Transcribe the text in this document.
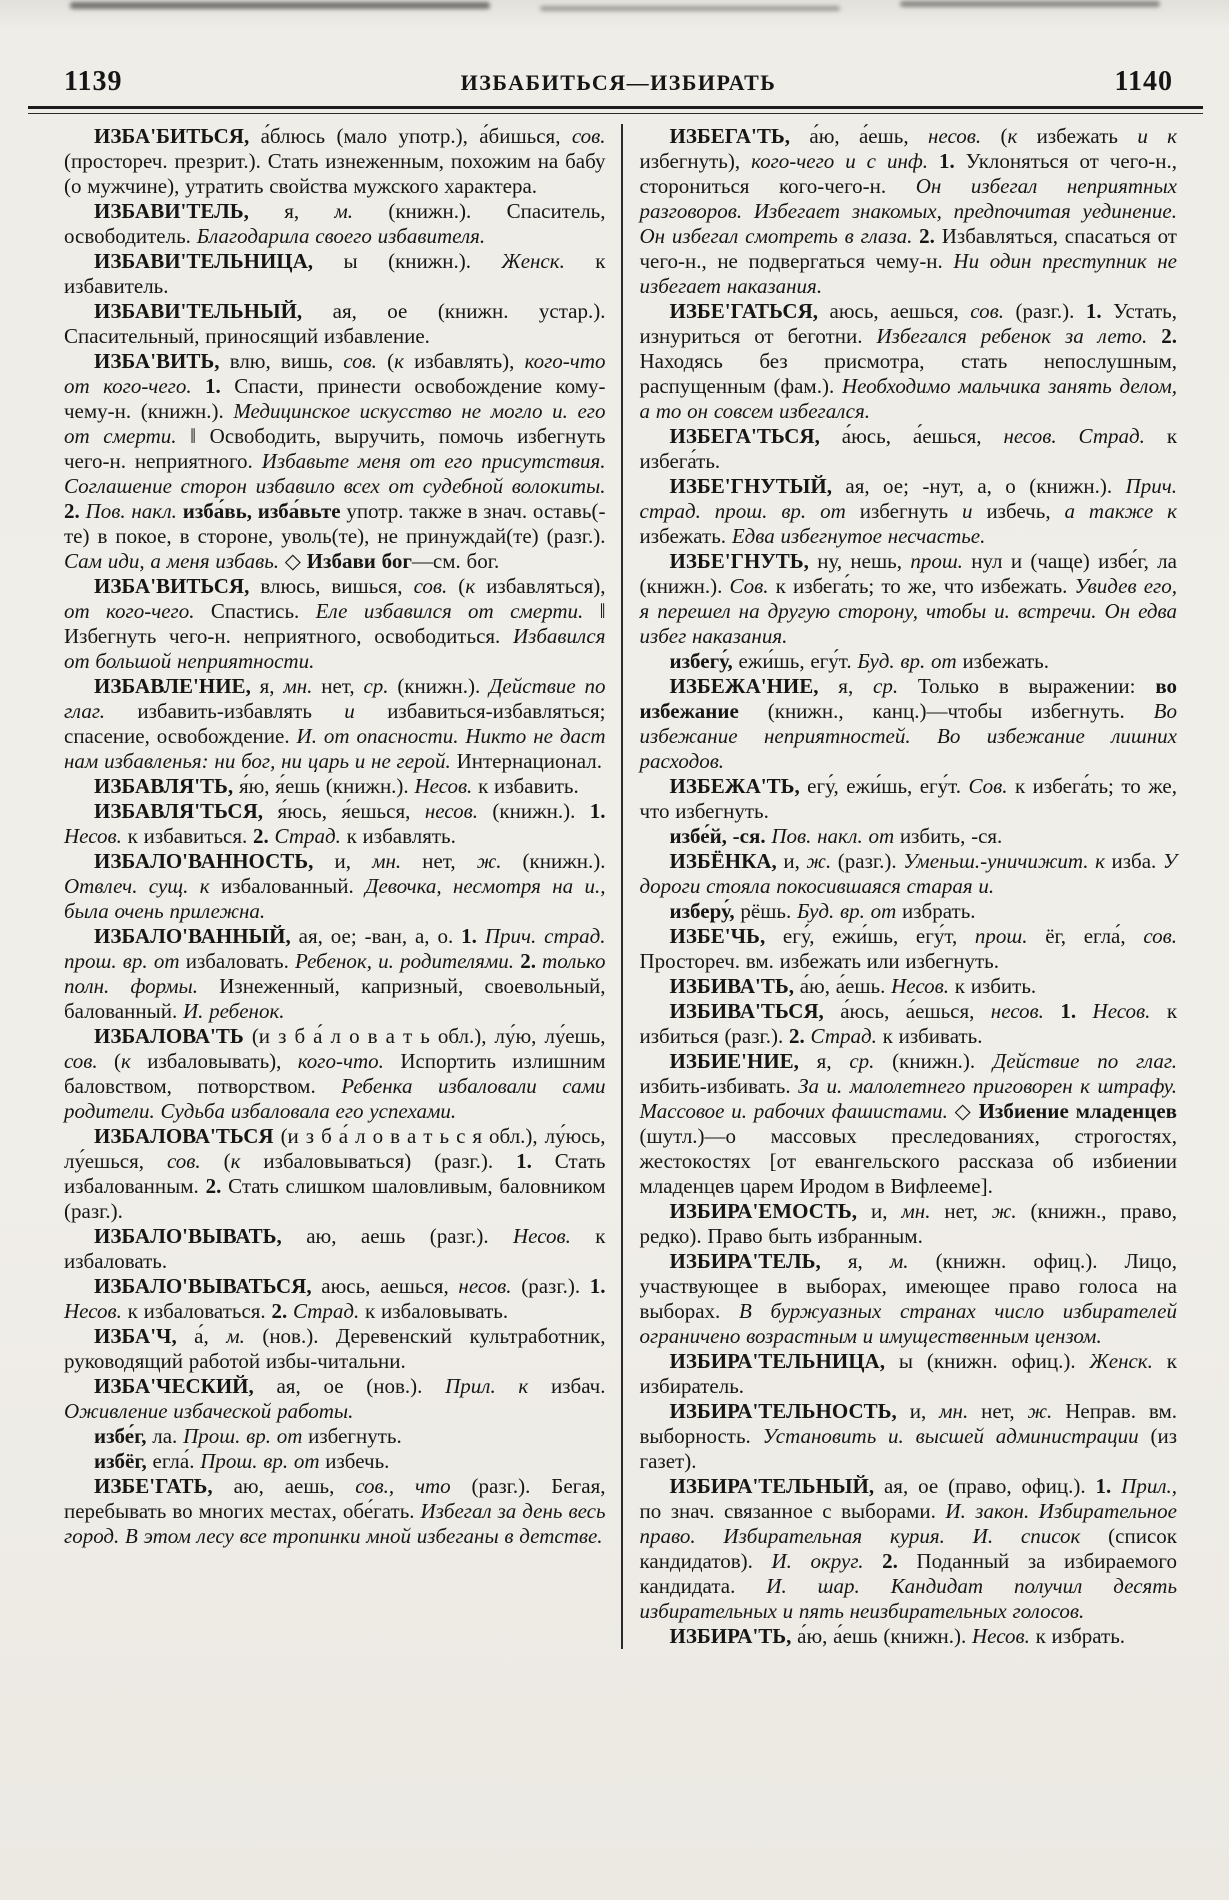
1139	ИЗБАБИТЬСЯ—ИЗБИРАТЬ	1140

ИЗБА'БИТЬСЯ, а́блюсь (мало употр.), а́бишься, сов. (простореч. презрит.). Стать изнеженным, похожим на бабу (о мужчине), утратить свойства мужского характера.

ИЗБАВИ'ТЕЛЬ, я, м. (книжн.). Спаситель, освободитель. Благодарила своего избавителя.

ИЗБАВИ'ТЕЛЬНИЦА, ы (книжн.). Женск. к избавитель.

ИЗБАВИ'ТЕЛЬНЫЙ, ая, ое (книжн. устар.). Спасительный, приносящий избавление.

ИЗБА'ВИТЬ, влю, вишь, сов. (к избавлять), кого-что от кого-чего. 1. Спасти, принести освобождение кому-чему-н. (книжн.). Медицинское искусство не могло и. его от смерти. ‖ Освободить, выручить, помочь избегнуть чего-н. неприятного. Избавьте меня от его присутствия. Соглашение сторон избавило всех от судебной волокиты. 2. Пов. накл. изба́вь, изба́вьте употр. также в знач. оставь(-те) в покое, в стороне, уволь(те), не принуждай(те) (разг.). Сам иди, а меня избавь. ◇ Избави бог—см. бог.

ИЗБА'ВИТЬСЯ, влюсь, вишься, сов. (к избавляться), от кого-чего. Спастись. Еле избавился от смерти. ‖ Избегнуть чего-н. неприятного, освободиться. Избавился от большой неприятности.

ИЗБАВЛЕ'НИЕ, я, мн. нет, ср. (книжн.). Действие по глаг. избавить-избавлять и избавиться-избавляться; спасение, освобождение. И. от опасности. Никто не даст нам избавленья: ни бог, ни царь и не герой. Интернационал.

ИЗБАВЛЯ'ТЬ, я́ю, я́ешь (книжн.). Несов. к избавить.

ИЗБАВЛЯ'ТЬСЯ, я́юсь, я́ешься, несов. (книжн.). 1. Несов. к избавиться. 2. Страд. к избавлять.

ИЗБАЛО'ВАННОСТЬ, и, мн. нет, ж. (книжн.). Отвлеч. сущ. к избалованный. Девочка, несмотря на и., была очень прилежна.

ИЗБАЛО'ВАННЫЙ, ая, ое; -ван, а, о. 1. Прич. страд. прош. вр. от избаловать. Ребенок, и. родителями. 2. только полн. формы. Изнеженный, капризный, своевольный, балованный. И. ребенок.

ИЗБАЛОВА'ТЬ (и з б а́ л о в а т ь обл.), лу́ю, лу́ешь, сов. (к избаловывать), кого-что. Испортить излишним баловством, потворством. Ребенка избаловали сами родители. Судьба избаловала его успехами.

ИЗБАЛОВА'ТЬСЯ (и з б а́ л о в а т ь с я обл.), лу́юсь, лу́ешься, сов. (к избаловываться) (разг.). 1. Стать избалованным. 2. Стать слишком шаловливым, баловником (разг.).

ИЗБАЛО'ВЫВАТЬ, аю, аешь (разг.). Несов. к избаловать.

ИЗБАЛО'ВЫВАТЬСЯ, аюсь, аешься, несов. (разг.). 1. Несов. к избаловаться. 2. Страд. к избаловывать.

ИЗБА'Ч, а́, м. (нов.). Деревенский культработник, руководящий работой избы-читальни.

ИЗБА'ЧЕСКИЙ, ая, ое (нов.). Прил. к избач. Оживление избаческой работы.

избе́г, ла. Прош. вр. от избегнуть.

избёг, егла́. Прош. вр. от избечь.

ИЗБЕ'ГАТЬ, аю, аешь, сов., что (разг.). Бегая, перебывать во многих местах, обе́гать. Избегал за день весь город. В этом лесу все тропинки мной избеганы в детстве.

ИЗБЕГА'ТЬ, а́ю, а́ешь, несов. (к избежать и к избегнуть), кого-чего и с инф. 1. Уклоняться от чего-н., сторониться кого-чего-н. Он избегал неприятных разговоров. Избегает знакомых, предпочитая уединение. Он избегал смотреть в глаза. 2. Избавляться, спасаться от чего-н., не подвергаться чему-н. Ни один преступник не избегает наказания.

ИЗБЕ'ГАТЬСЯ, аюсь, аешься, сов. (разг.). 1. Устать, изнуриться от беготни. Избегался ребенок за лето. 2. Находясь без присмотра, стать непослушным, распущенным (фам.). Необходимо мальчика занять делом, а то он совсем избегался.

ИЗБЕГА'ТЬСЯ, а́юсь, а́ешься, несов. Страд. к избега́ть.

ИЗБЕ'ГНУТЫЙ, ая, ое; -нут, а, о (книжн.). Прич. страд. прош. вр. от избегнуть и избечь, а также к избежать. Едва избегнутое несчастье.

ИЗБЕ'ГНУТЬ, ну, нешь, прош. нул и (чаще) избе́г, ла (книжн.). Сов. к избега́ть; то же, что избежать. Увидев его, я перешел на другую сторону, чтобы и. встречи. Он едва избег наказания.

избегу́, ежи́шь, егу́т. Буд. вр. от избежать.

ИЗБЕЖА'НИЕ, я, ср. Только в выражении: во избежание (книжн., канц.)—чтобы избегнуть. Во избежание неприятностей. Во избежание лишних расходов.

ИЗБЕЖА'ТЬ, егу́, ежи́шь, егу́т. Сов. к избега́ть; то же, что избегнуть.

избе́й, -ся. Пов. накл. от избить, -ся.

ИЗБЁНКА, и, ж. (разг.). Уменьш.-уничижит. к изба. У дороги стояла покосившаяся старая и.

изберу́, рёшь. Буд. вр. от избрать.

ИЗБЕ'ЧЬ, егу́, ежи́шь, егу́т, прош. ёг, егла́, сов. Простореч. вм. избежать или избегнуть.

ИЗБИВА'ТЬ, а́ю, а́ешь. Несов. к избить.

ИЗБИВА'ТЬСЯ, а́юсь, а́ешься, несов. 1. Несов. к избиться (разг.). 2. Страд. к избивать.

ИЗБИЕ'НИЕ, я, ср. (книжн.). Действие по глаг. избить-избивать. За и. малолетнего приговорен к штрафу. Массовое и. рабочих фашистами. ◇ Избиение младенцев (шутл.)—о массовых преследованиях, строгостях, жестокостях [от евангельского рассказа об избиении младенцев царем Иродом в Вифлееме].

ИЗБИРА'ЕМОСТЬ, и, мн. нет, ж. (книжн., право, редко). Право быть избранным.

ИЗБИРА'ТЕЛЬ, я, м. (книжн. офиц.). Лицо, участвующее в выборах, имеющее право голоса на выборах. В буржуазных странах число избирателей ограничено возрастным и имущественным цензом.

ИЗБИРА'ТЕЛЬНИЦА, ы (книжн. офиц.). Женск. к избиратель.

ИЗБИРА'ТЕЛЬНОСТЬ, и, мн. нет, ж. Неправ. вм. выборность. Установить и. высшей администрации (из газет).

ИЗБИРА'ТЕЛЬНЫЙ, ая, ое (право, офиц.). 1. Прил., по знач. связанное с выборами. И. закон. Избирательное право. Избирательная курия. И. список (список кандидатов). И. округ. 2. Поданный за избираемого кандидата. И. шар. Кандидат получил десять избирательных и пять неизбирательных голосов.

ИЗБИРА'ТЬ, а́ю, а́ешь (книжн.). Несов. к избрать.
